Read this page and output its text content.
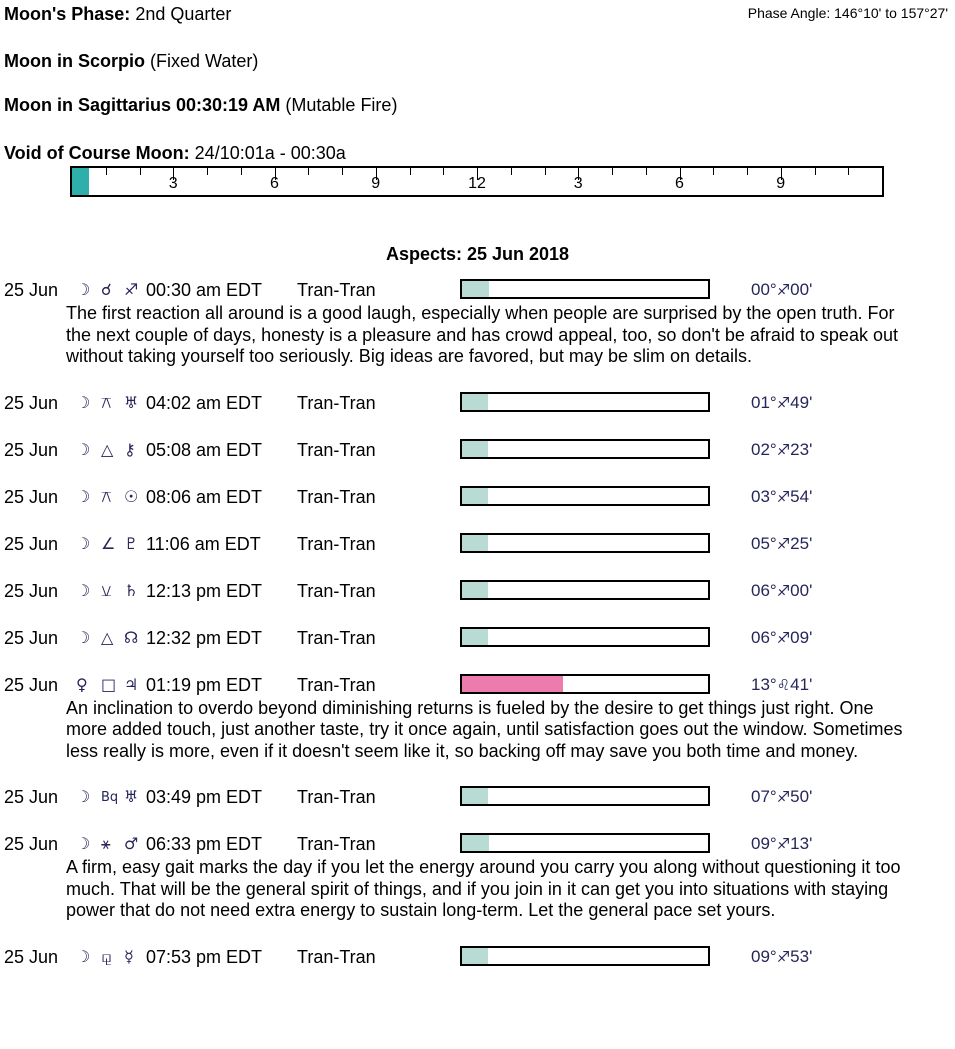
Moon's Phase: 2nd Quarter	Phase Angle: 146°10' to 157°27'
Moon in Scorpio (Fixed Water)
Moon in Sagittarius 00:30:19 AM (Mutable Fire)
Void of Course Moon: 24/10:01a - 00:30a
3	6	9	12	3	6	9
Aspects: 25 Jun 2018
25 Jun ☽ ☌ ♐ 00:30 am EDT Tran-Tran	00°♐00'
The first reaction all around is a good laugh, especially when people are surprised by the open truth. For the next couple of days, honesty is a pleasure and has crowd appeal, too, so don't be afraid to speak out without taking yourself too seriously. Big ideas are favored, but may be slim on details.
25 Jun ☽ ⚻ ♅ 04:02 am EDT Tran-Tran	01°♐49'
25 Jun ☽ △ ⚷ 05:08 am EDT Tran-Tran	02°♐23'
25 Jun ☽ ⚻ ☉ 08:06 am EDT Tran-Tran	03°♐54'
25 Jun ☽ ∠ ♇ 11:06 am EDT Tran-Tran	05°♐25'
25 Jun ☽ ⚺ ♄ 12:13 pm EDT Tran-Tran	06°♐00'
25 Jun ☽ △ ☊ 12:32 pm EDT Tran-Tran	06°♐09'
25 Jun ♀ □ ♃ 01:19 pm EDT Tran-Tran	13°♌41'
An inclination to overdo beyond diminishing returns is fueled by the desire to get things just right. One more added touch, just another taste, try it once again, until satisfaction goes out the window. Sometimes less really is more, even if it doesn't seem like it, so backing off may save you both time and money.
25 Jun ☽ Bq ♅ 03:49 pm EDT Tran-Tran	07°♐50'
25 Jun ☽ ⚹ ♂ 06:33 pm EDT Tran-Tran	09°♐13'
A firm, easy gait marks the day if you let the energy around you carry you along without questioning it too much. That will be the general spirit of things, and if you join in it can get you into situations with staying power that do not need extra energy to sustain long-term. Let the general pace set yours.
25 Jun ☽ ⚼ ☿ 07:53 pm EDT Tran-Tran	09°♐53'
